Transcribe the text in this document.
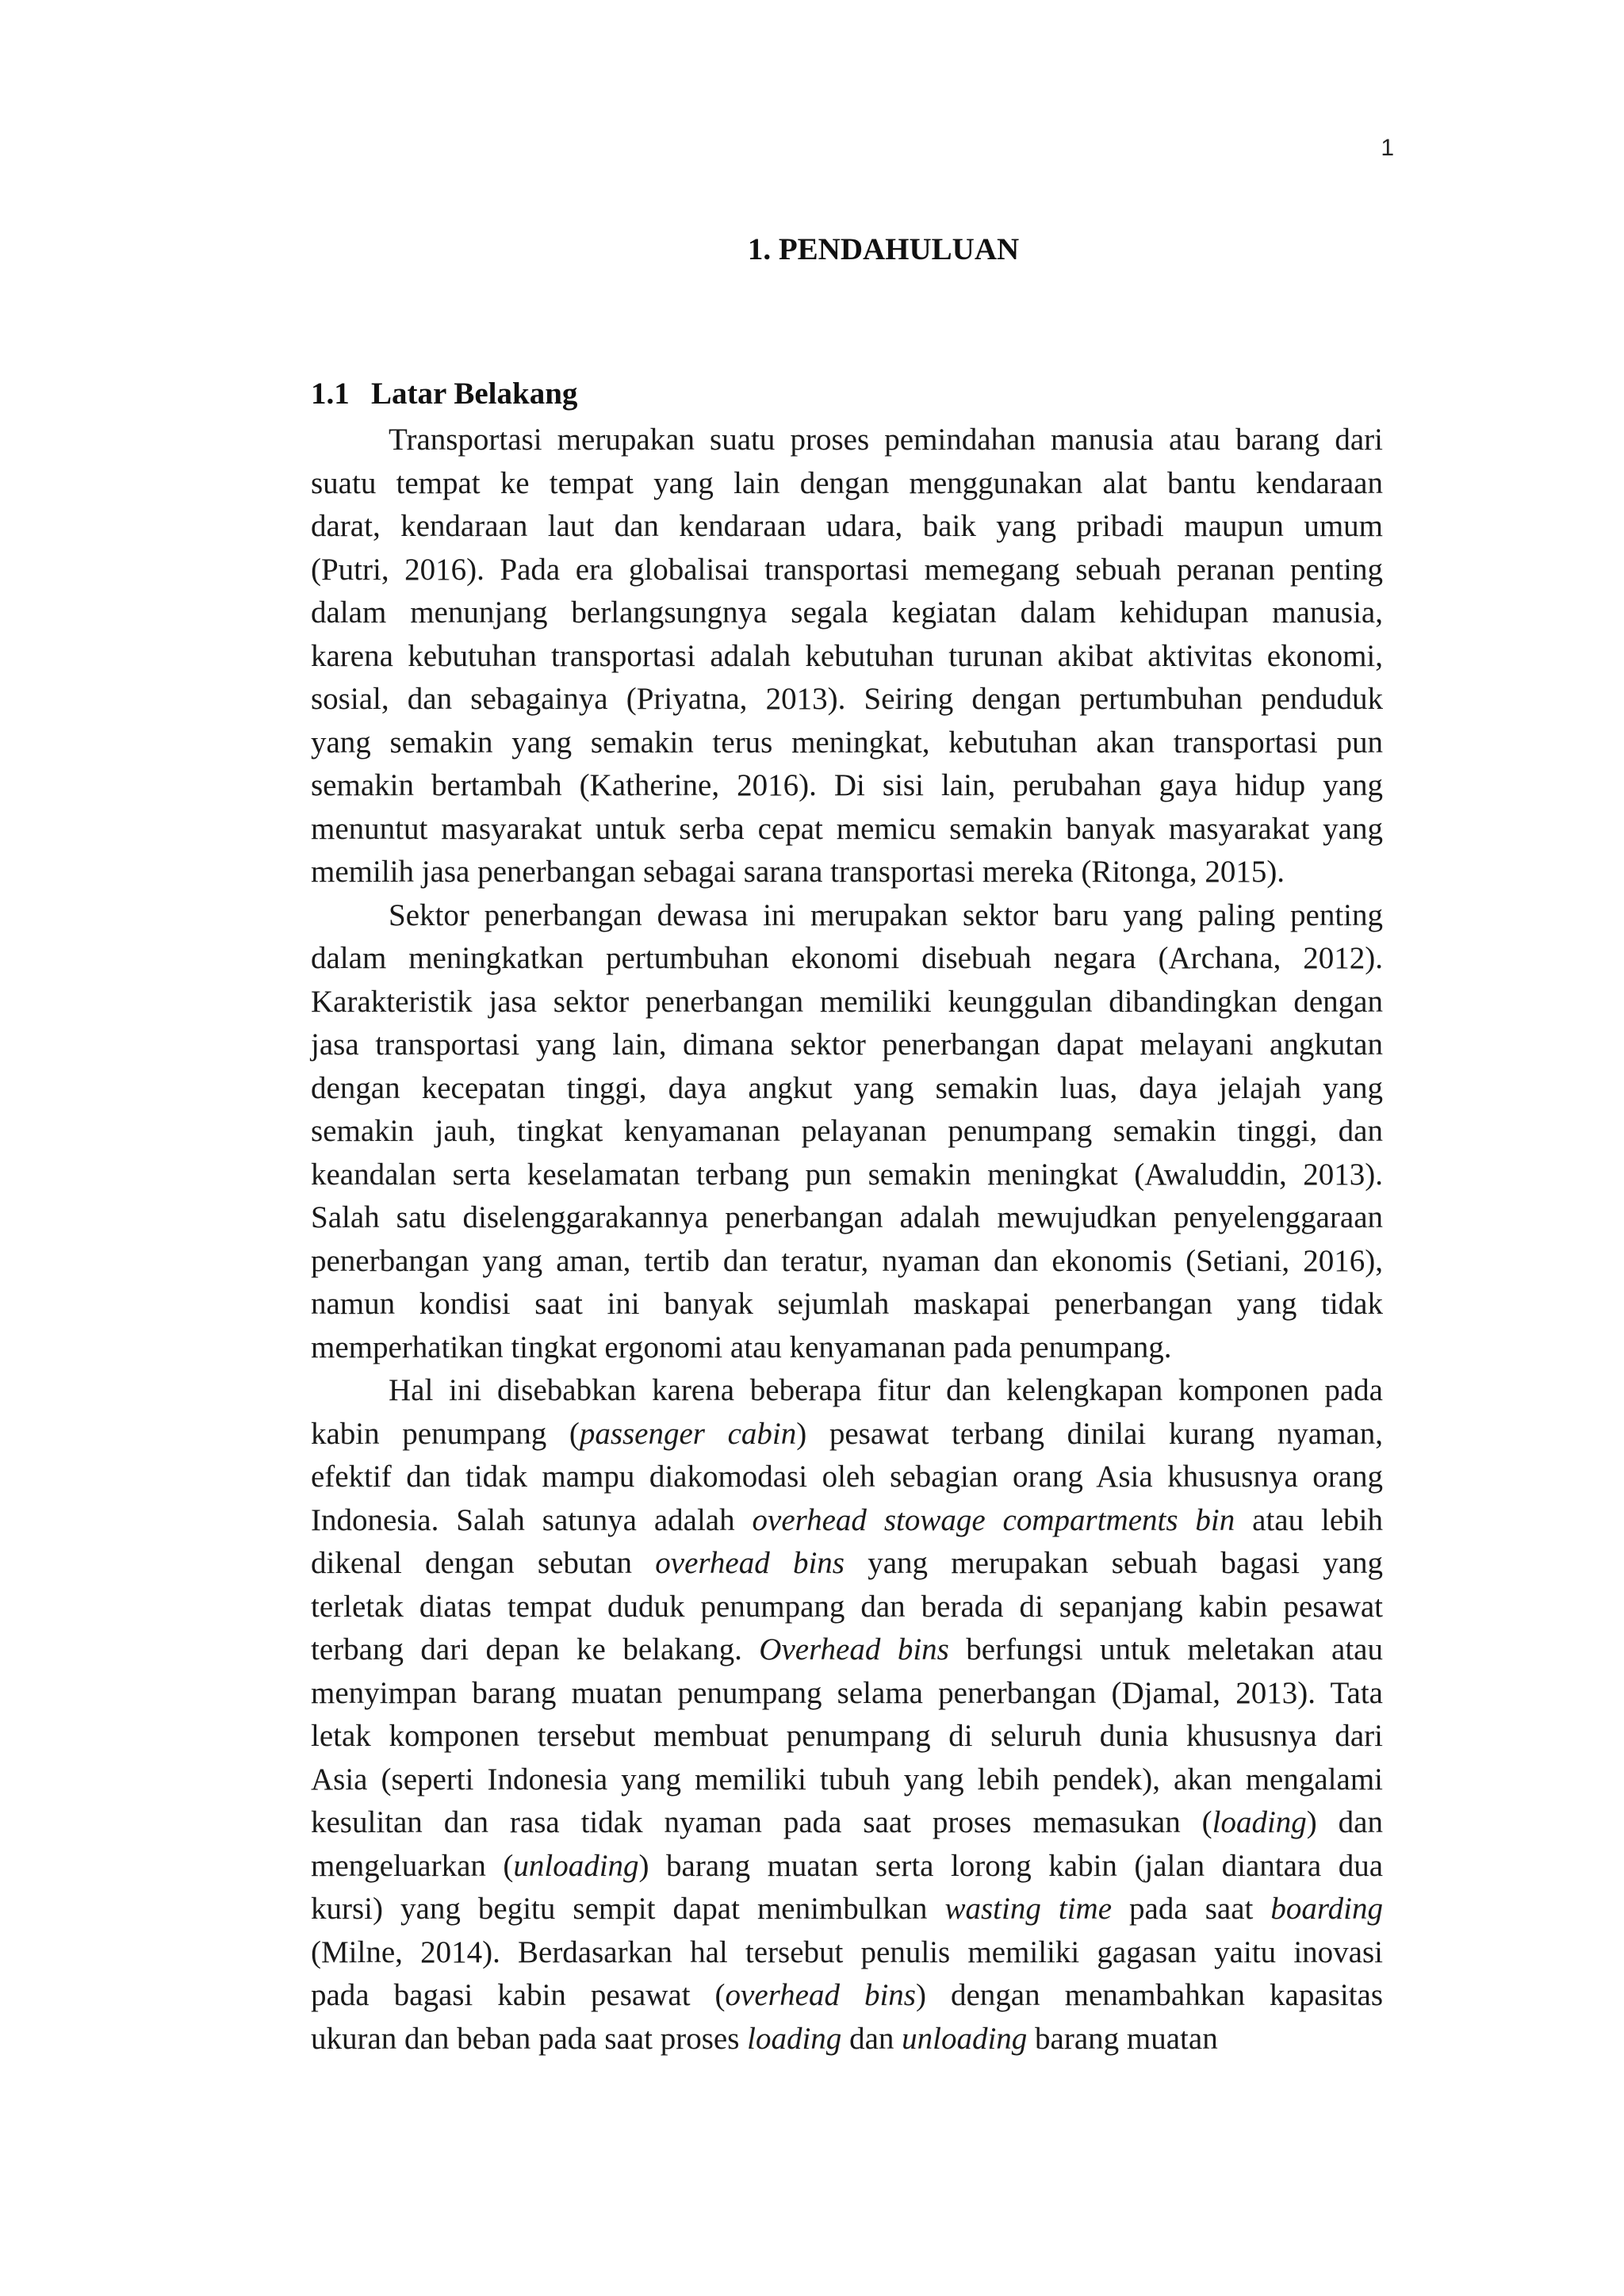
1
1. PENDAHULUAN
1.1 Latar Belakang
Transportasi merupakan suatu proses pemindahan manusia atau barang dari
suatu tempat ke tempat yang lain dengan menggunakan alat bantu kendaraan
darat, kendaraan laut dan kendaraan udara, baik yang pribadi maupun umum
(Putri, 2016). Pada era globalisai transportasi memegang sebuah peranan penting
dalam menunjang berlangsungnya segala kegiatan dalam kehidupan manusia,
karena kebutuhan transportasi adalah kebutuhan turunan akibat aktivitas ekonomi,
sosial, dan sebagainya (Priyatna, 2013). Seiring dengan pertumbuhan penduduk
yang semakin yang semakin terus meningkat, kebutuhan akan transportasi pun
semakin bertambah (Katherine, 2016). Di sisi lain, perubahan gaya hidup yang
menuntut masyarakat untuk serba cepat memicu semakin banyak masyarakat yang
memilih jasa penerbangan sebagai sarana transportasi mereka (Ritonga, 2015).
Sektor penerbangan dewasa ini merupakan sektor baru yang paling penting
dalam meningkatkan pertumbuhan ekonomi disebuah negara (Archana, 2012).
Karakteristik jasa sektor penerbangan memiliki keunggulan dibandingkan dengan
jasa transportasi yang lain, dimana sektor penerbangan dapat melayani angkutan
dengan kecepatan tinggi, daya angkut yang semakin luas, daya jelajah yang
semakin jauh, tingkat kenyamanan pelayanan penumpang semakin tinggi, dan
keandalan serta keselamatan terbang pun semakin meningkat (Awaluddin, 2013).
Salah satu diselenggarakannya penerbangan adalah mewujudkan penyelenggaraan
penerbangan yang aman, tertib dan teratur, nyaman dan ekonomis (Setiani, 2016),
namun kondisi saat ini banyak sejumlah maskapai penerbangan yang tidak
memperhatikan tingkat ergonomi atau kenyamanan pada penumpang.
Hal ini disebabkan karena beberapa fitur dan kelengkapan komponen pada
kabin penumpang (passenger cabin) pesawat terbang dinilai kurang nyaman,
efektif dan tidak mampu diakomodasi oleh sebagian orang Asia khususnya orang
Indonesia. Salah satunya adalah overhead stowage compartments bin atau lebih
dikenal dengan sebutan overhead bins yang merupakan sebuah bagasi yang
terletak diatas tempat duduk penumpang dan berada di sepanjang kabin pesawat
terbang dari depan ke belakang. Overhead bins berfungsi untuk meletakan atau
menyimpan barang muatan penumpang selama penerbangan (Djamal, 2013). Tata
letak komponen tersebut membuat penumpang di seluruh dunia khususnya dari
Asia (seperti Indonesia yang memiliki tubuh yang lebih pendek), akan mengalami
kesulitan dan rasa tidak nyaman pada saat proses memasukan (loading) dan
mengeluarkan (unloading) barang muatan serta lorong kabin (jalan diantara dua
kursi) yang begitu sempit dapat menimbulkan wasting time pada saat boarding
(Milne, 2014). Berdasarkan hal tersebut penulis memiliki gagasan yaitu inovasi
pada bagasi kabin pesawat (overhead bins) dengan menambahkan kapasitas
ukuran dan beban pada saat proses loading dan unloading barang muatan
